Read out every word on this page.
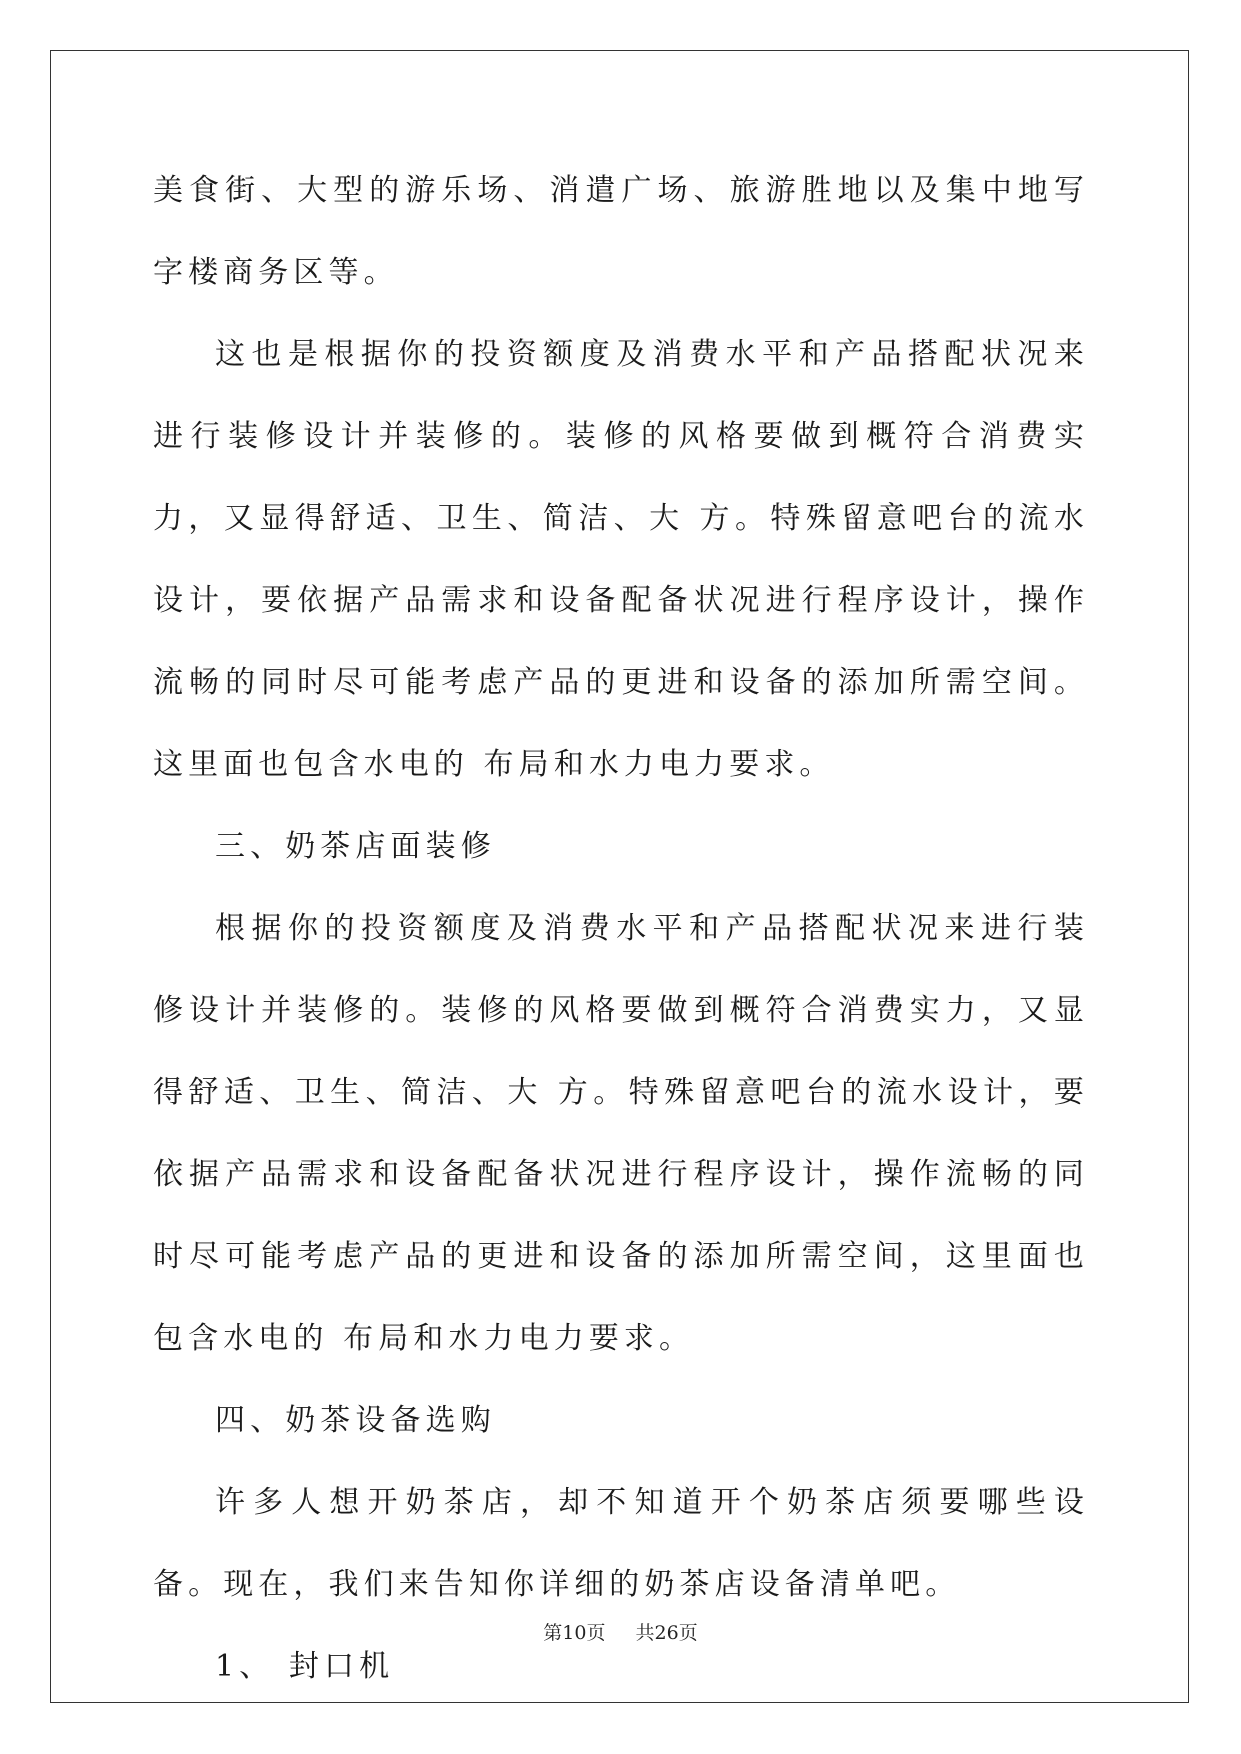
美食街、大型的游乐场、消遣广场、旅游胜地以及集中地写字楼商务区等。

这也是根据你的投资额度及消费水平和产品搭配状况来进行装修设计并装修的。装修的风格要做到概符合消费实力，又显得舒适、卫生、简洁、大 方。特殊留意吧台的流水设计，要依据产品需求和设备配备状况进行程序设计，操作流畅的同时尽可能考虑产品的更进和设备的添加所需空间。这里面也包含水电的 布局和水力电力要求。

三、奶茶店面装修

根据你的投资额度及消费水平和产品搭配状况来进行装修设计并装修的。装修的风格要做到概符合消费实力，又显得舒适、卫生、简洁、大 方。特殊留意吧台的流水设计，要依据产品需求和设备配备状况进行程序设计，操作流畅的同时尽可能考虑产品的更进和设备的添加所需空间，这里面也包含水电的 布局和水力电力要求。

四、奶茶设备选购

许多人想开奶茶店，却不知道开个奶茶店须要哪些设备。现在，我们来告知你详细的奶茶店设备清单吧。

1、 封口机

第10页 共26页
